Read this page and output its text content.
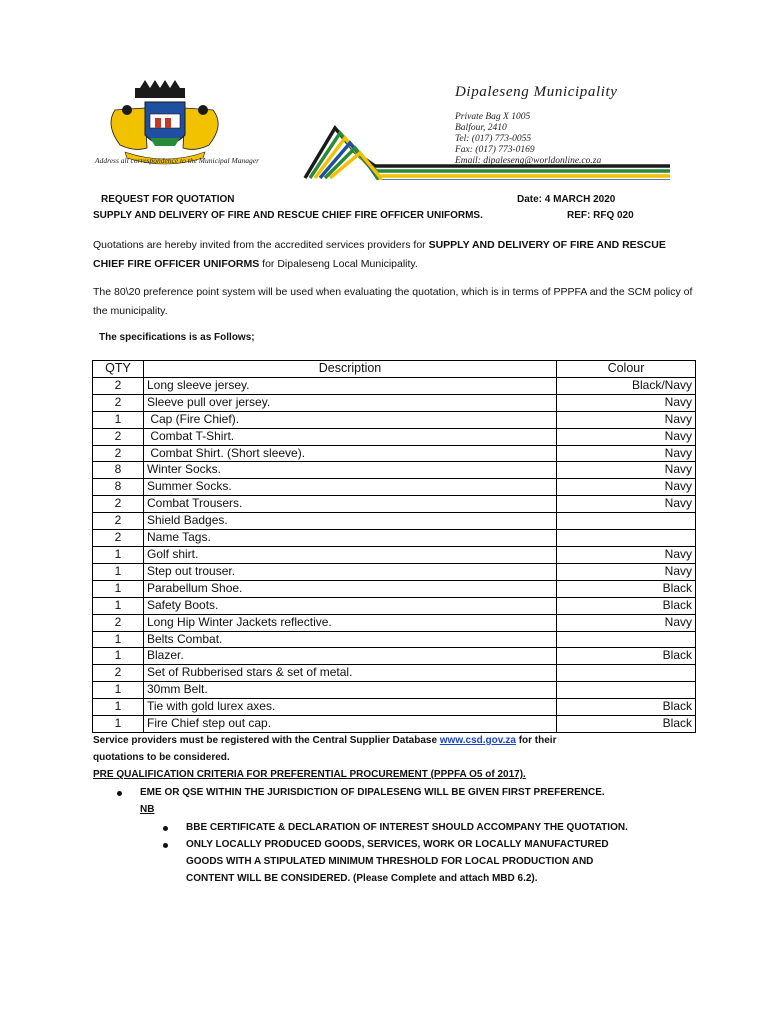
Address all correspondence to the Municipal Manager
Dipaleseng Municipality
Private Bag X 1005
Balfour, 2410
Tel: (017) 773-0055
Fax: (017) 773-0169
Email: dipaleseng@worldonline.co.za
REQUEST FOR QUOTATION	Date: 4 MARCH 2020
SUPPLY AND DELIVERY OF FIRE AND RESCUE CHIEF FIRE OFFICER UNIFORMS.	REF: RFQ 020
Quotations are hereby invited from the accredited services providers for SUPPLY AND DELIVERY OF FIRE AND RESCUE CHIEF FIRE OFFICER UNIFORMS for Dipaleseng Local Municipality.
The 80\20 preference point system will be used when evaluating the quotation, which is in terms of PPPFA and the SCM policy of the municipality.
The specifications is as Follows;
QTY	Description	Colour
2	Long sleeve jersey.	Black/Navy
2	Sleeve pull over jersey.	Navy
1	Cap (Fire Chief).	Navy
2	Combat T-Shirt.	Navy
2	Combat Shirt. (Short sleeve).	Navy
8	Winter Socks.	Navy
8	Summer Socks.	Navy
2	Combat Trousers.	Navy
2	Shield Badges.	
2	Name Tags.	
1	Golf shirt.	Navy
1	Step out trouser.	Navy
1	Parabellum Shoe.	Black
1	Safety Boots.	Black
2	Long Hip Winter Jackets reflective.	Navy
1	Belts Combat.	
1	Blazer.	Black
2	Set of Rubberised stars & set of metal.	
1	30mm Belt.	
1	Tie with gold lurex axes.	Black
1	Fire Chief step out cap.	Black
Service providers must be registered with the Central Supplier Database www.csd.gov.za for their
quotations to be considered.
PRE QUALIFICATION CRITERIA FOR PREFERENTIAL PROCUREMENT (PPPFA O5 of 2017).
EME OR QSE WITHIN THE JURISDICTION OF DIPALESENG WILL BE GIVEN FIRST PREFERENCE.
NB
BBE CERTIFICATE & DECLARATION OF INTEREST SHOULD ACCOMPANY THE QUOTATION.
ONLY LOCALLY PRODUCED GOODS, SERVICES, WORK OR LOCALLY MANUFACTURED
GOODS WITH A STIPULATED MINIMUM THRESHOLD FOR LOCAL PRODUCTION AND
CONTENT WILL BE CONSIDERED. (Please Complete and attach MBD 6.2).
